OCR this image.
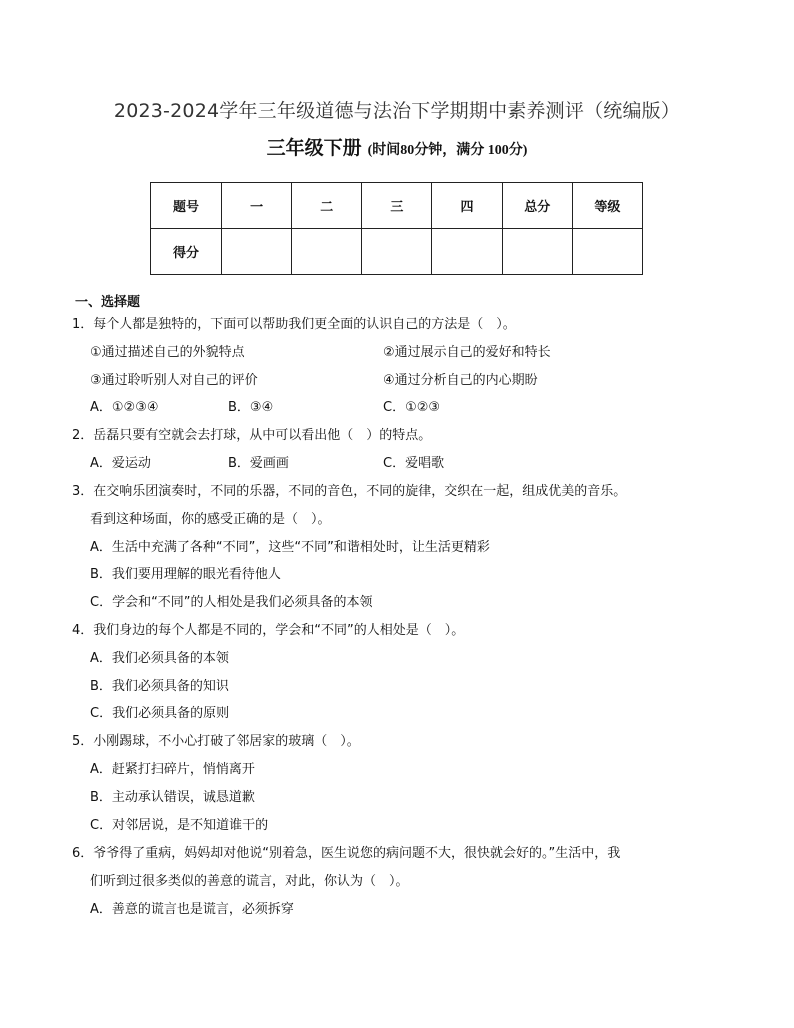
2023-2024学年三年级道德与法治下学期期中素养测评（统编版）
三年级下册 (时间80分钟，满分 100分)
题号	一	二	三	四	总分	等级
得分						
一、选择题
1．每个人都是独特的，下面可以帮助我们更全面的认识自己的方法是（　）。
①通过描述自己的外貌特点	②通过展示自己的爱好和特长
③通过聆听别人对自己的评价	④通过分析自己的内心期盼
A．①②③④	B．③④	C．①②③
2．岳磊只要有空就会去打球，从中可以看出他（　）的特点。
A．爱运动	B．爱画画	C．爱唱歌
3．在交响乐团演奏时，不同的乐器，不同的音色，不同的旋律，交织在一起，组成优美的音乐。
看到这种场面，你的感受正确的是（　）。
A．生活中充满了各种“不同”，这些“不同”和谐相处时，让生活更精彩
B．我们要用理解的眼光看待他人
C．学会和“不同”的人相处是我们必须具备的本领
4．我们身边的每个人都是不同的，学会和“不同”的人相处是（　）。
A．我们必须具备的本领
B．我们必须具备的知识
C．我们必须具备的原则
5．小刚踢球，不小心打破了邻居家的玻璃（　）。
A．赶紧打扫碎片，悄悄离开
B．主动承认错误，诚恳道歉
C．对邻居说，是不知道谁干的
6．爷爷得了重病，妈妈却对他说“别着急，医生说您的病问题不大，很快就会好的。”生活中，我
们听到过很多类似的善意的谎言，对此，你认为（　）。
A．善意的谎言也是谎言，必须拆穿
